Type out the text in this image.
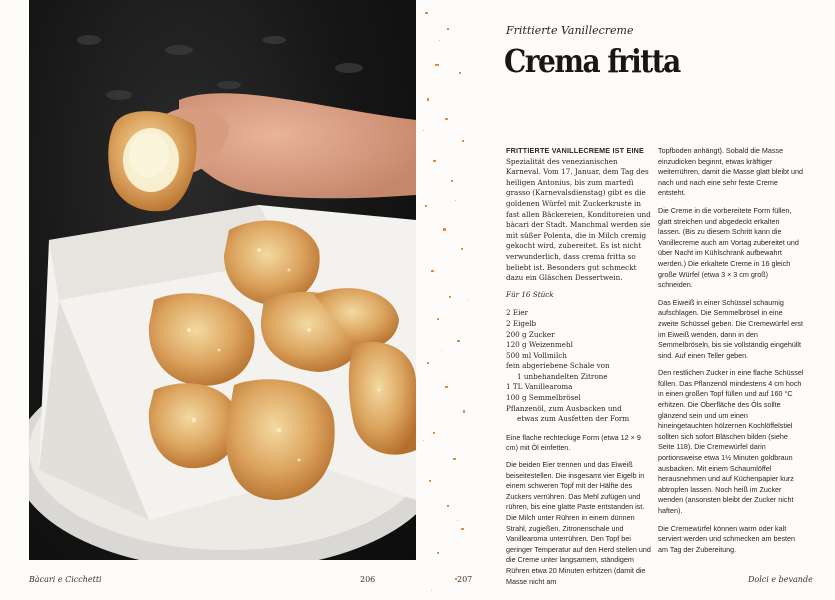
Bàcari e Cicchetti	206
Frittierte Vanillecreme
Crema fritta

FRITTIERTE VANILLECREME IST EINE Spezialität des venezianischen Karneval. Vom 17. Januar, dem Tag des heiligen Antonius, bis zum martedì grasso (Karnevalsdienstag) gibt es die goldenen Würfel mit Zuckerkruste in fast allen Bäckereien, Konditoreien und bàcari der Stadt. Manchmal werden sie mit süßer Polenta, die in Milch cremig gekocht wird, zubereitet. Es ist nicht verwunderlich, dass crema fritta so beliebt ist. Besonders gut schmeckt dazu ein Gläschen Dessertwein.

Für 16 Stück
2 Eier
2 Eigelb
200 g Zucker
120 g Weizenmehl
500 ml Vollmilch
fein abgeriebene Schale von
1 unbehandelten Zitrone
1 TL Vanillearoma
100 g Semmelbrösel
Pflanzenöl, zum Ausbacken und
etwas zum Ausfetten der Form

Eine flache rechteckige Form (etwa 12 × 9 cm) mit Öl einfetten.

Die beiden Eier trennen und das Eiweiß beiseitestellen. Die insgesamt vier Eigelb in einem schweren Topf mit der Hälfte des Zuckers verrühren. Das Mehl zufügen und rühren, bis eine glatte Paste entstanden ist. Die Milch unter Rühren in einem dünnen Strahl, zugießen. Zitronenschale und Vanillearoma unterrühren. Den Topf bei geringer Temperatur auf den Herd stellen und die Creme unter langsamem, ständigem Rühren etwa 20 Minuten erhitzen (damit die Masse nicht am

Topfboden anhängt). Sobald die Masse einzudicken beginnt, etwas kräftiger weiterrühren, damit die Masse glatt bleibt und nach und nach eine sehr feste Creme entsteht.

Die Creme in die vorbereitete Form füllen, glatt streichen und abgedeckt erkalten lassen. (Bis zu diesem Schritt kann die Vanillecreme auch am Vortag zubereitet und über Nacht im Kühlschrank aufbewahrt werden.) Die erkaltete Creme in 16 gleich große Würfel (etwa 3 × 3 cm groß) schneiden.

Das Eiweiß in einer Schüssel schaumig aufschlagen. Die Semmelbrösel in eine zweite Schüssel geben. Die Cremewürfel erst im Eiweiß wenden, dann in den Semmelbröseln, bis sie vollständig eingehüllt sind. Auf einen Teller geben.

Den restlichen Zucker in eine flache Schüssel füllen. Das Pflanzenöl mindestens 4 cm hoch in einen großen Topf füllen und auf 160 °C erhitzen. Die Oberfläche des Öls sollte glänzend sein und um einen hineingetauchten hölzernen Kochlöffelstiel sollten sich sofort Bläschen bilden (siehe Seite 118). Die Cremewürfel darin portionsweise etwa 1½ Minuten goldbraun ausbacken. Mit einem Schaumlöffel herausnehmen und auf Küchenpapier kurz abtropfen lassen. Noch heiß im Zucker wenden (ansonsten bleibt der Zucker nicht haften).

Die Cremewürfel können warm oder kalt serviert werden und schmecken am besten am Tag der Zubereitung.

207	Dolci e bevande
